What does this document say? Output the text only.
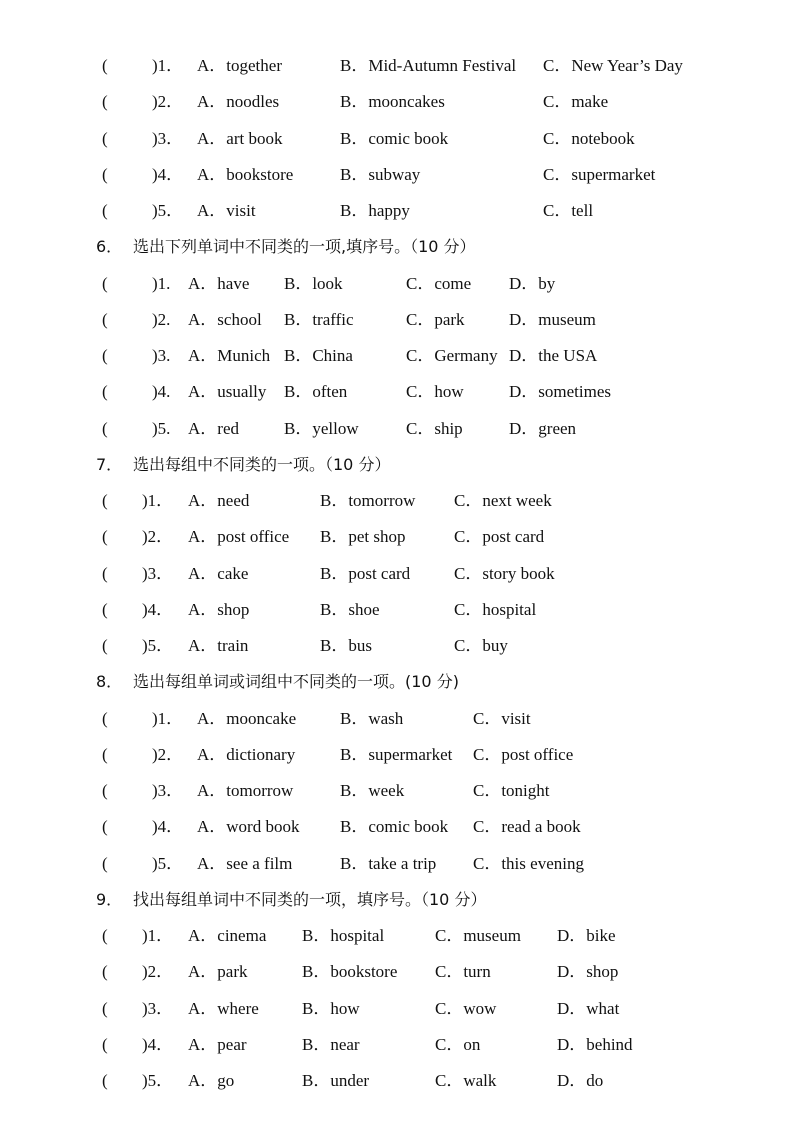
(	)1． A．together	B．Mid-Autumn Festival C．New Year’s Day
(	)2． A．noodles	B．mooncakes	C．make
(	)3． A．art book	B．comic book	C．notebook
(	)4． A．bookstore	B．subway	C．supermarket
(	)5． A．visit	B．happy	C．tell
6． 选出下列单词中不同类的一项,填序号。（10 分）
(	)1. A．have B．look	C．come D．by
(	)2. A．school B．traffic	C．park	D．museum
(	)3. A．Munich B．China	C．Germany D．the USA
(	)4. A．usually B．often	C．how	D．sometimes
(	)5. A．red	B．yellow	C．ship	D．green
7． 选出每组中不同类的一项。（10 分）
( )1． A．need	B．tomorrow C．next week
( )2． A．post office B．pet shop	C．post card
( )3． A．cake	B．post card	C．story book
( )4． A．shop	B．shoe	C．hospital
( )5． A．train	B．bus	C．buy
8． 选出每组单词或词组中不同类的一项。(10 分)
(	)1． A．mooncake	B．wash	C．visit
(	)2． A．dictionary	B．supermarket C．post office
(	)3． A．tomorrow	B．week	C．tonight
(	)4． A．word book B．comic book C．read a book
(	)5． A．see a film	B．take a trip C．this evening
9． 找出每组单词中不同类的一项，填序号。（10 分）
( )1． A．cinema B．hospital	C．museum D．bike
( )2． A．park	B．bookstore C．turn	D．shop
( )3． A．where	B．how	C．wow	D．what
( )4． A．pear	B．near	C．on	D．behind
( )5． A．go	B．under	C．walk	D．do
